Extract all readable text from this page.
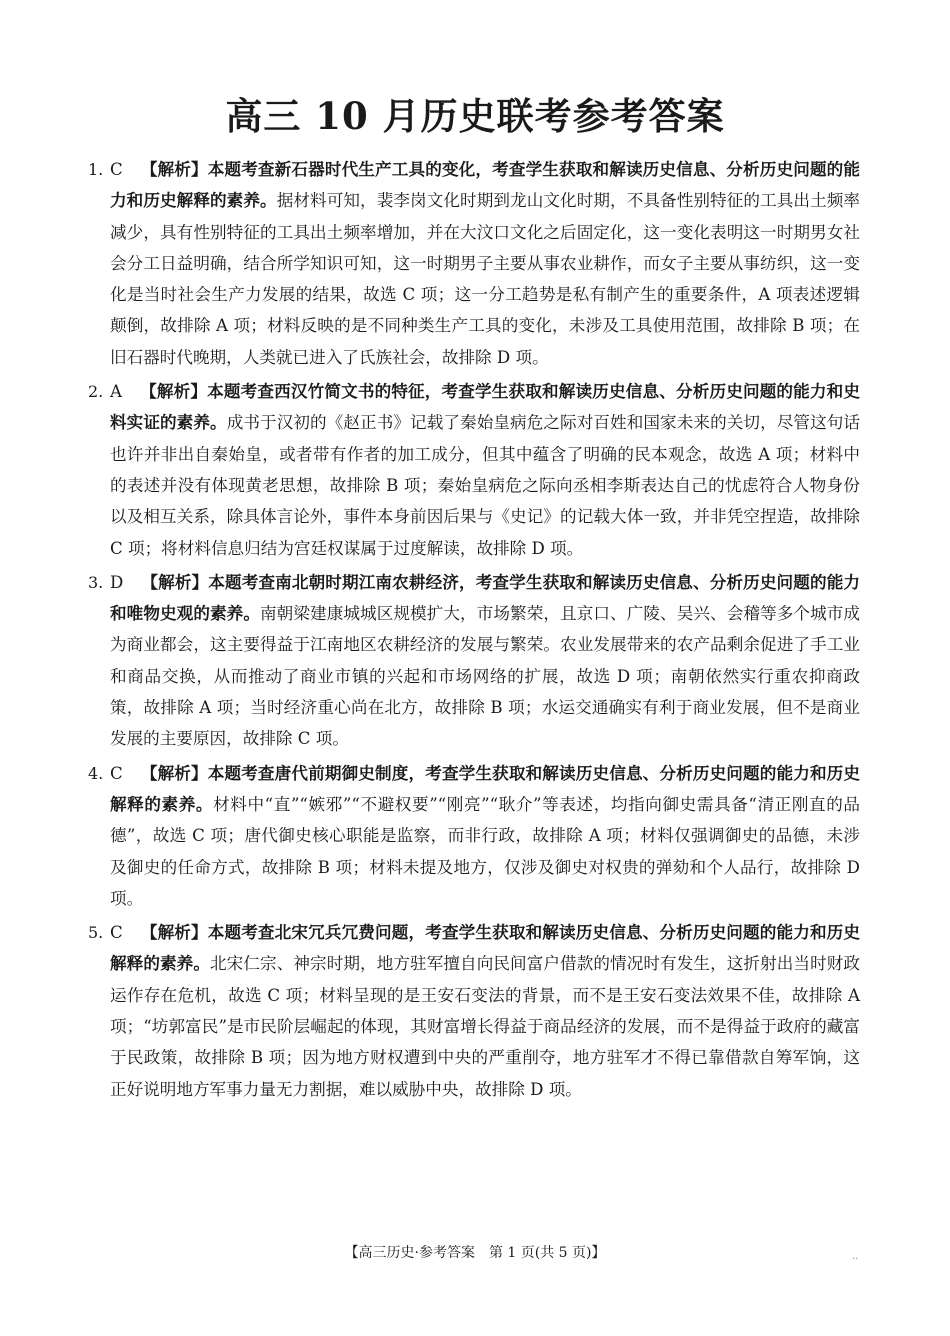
高三 10 月历史联考参考答案
1. C 【解析】本题考查新石器时代生产工具的变化，考查学生获取和解读历史信息、分析历史问题的能力和历史解释的素养。据材料可知，裴李岗文化时期到龙山文化时期，不具备性别特征的工具出土频率减少，具有性别特征的工具出土频率增加，并在大汶口文化之后固定化，这一变化表明这一时期男女社会分工日益明确，结合所学知识可知，这一时期男子主要从事农业耕作，而女子主要从事纺织，这一变化是当时社会生产力发展的结果，故选 C 项；这一分工趋势是私有制产生的重要条件，A 项表述逻辑颠倒，故排除 A 项；材料反映的是不同种类生产工具的变化，未涉及工具使用范围，故排除 B 项；在旧石器时代晚期，人类就已进入了氏族社会，故排除 D 项。
2. A 【解析】本题考查西汉竹简文书的特征，考查学生获取和解读历史信息、分析历史问题的能力和史料实证的素养。成书于汉初的《赵正书》记载了秦始皇病危之际对百姓和国家未来的关切，尽管这句话也许并非出自秦始皇，或者带有作者的加工成分，但其中蕴含了明确的民本观念，故选 A 项；材料中的表述并没有体现黄老思想，故排除 B 项；秦始皇病危之际向丞相李斯表达自己的忧虑符合人物身份以及相互关系，除具体言论外，事件本身前因后果与《史记》的记载大体一致，并非凭空捏造，故排除 C 项；将材料信息归结为宫廷权谋属于过度解读，故排除 D 项。
3. D 【解析】本题考查南北朝时期江南农耕经济，考查学生获取和解读历史信息、分析历史问题的能力和唯物史观的素养。南朝梁建康城城区规模扩大，市场繁荣，且京口、广陵、吴兴、会稽等多个城市成为商业都会，这主要得益于江南地区农耕经济的发展与繁荣。农业发展带来的农产品剩余促进了手工业和商品交换，从而推动了商业市镇的兴起和市场网络的扩展，故选 D 项；南朝依然实行重农抑商政策，故排除 A 项；当时经济重心尚在北方，故排除 B 项；水运交通确实有利于商业发展，但不是商业发展的主要原因，故排除 C 项。
4. C 【解析】本题考查唐代前期御史制度，考查学生获取和解读历史信息、分析历史问题的能力和历史解释的素养。材料中“直”“嫉邪”“不避权要”“刚亮”“耿介”等表述，均指向御史需具备“清正刚直的品德”，故选 C 项；唐代御史核心职能是监察，而非行政，故排除 A 项；材料仅强调御史的品德，未涉及御史的任命方式，故排除 B 项；材料未提及地方，仅涉及御史对权贵的弹劾和个人品行，故排除 D 项。
5. C 【解析】本题考查北宋冗兵冗费问题，考查学生获取和解读历史信息、分析历史问题的能力和历史解释的素养。北宋仁宗、神宗时期，地方驻军擅自向民间富户借款的情况时有发生，这折射出当时财政运作存在危机，故选 C 项；材料呈现的是王安石变法的背景，而不是王安石变法效果不佳，故排除 A 项；“坊郭富民”是市民阶层崛起的体现，其财富增长得益于商品经济的发展，而不是得益于政府的藏富于民政策，故排除 B 项；因为地方财权遭到中央的严重削夺，地方驻军才不得已靠借款自筹军饷，这正好说明地方军事力量无力割据，难以威胁中央，故排除 D 项。
【高三历史·参考答案　第 1 页(共 5 页)】	..
